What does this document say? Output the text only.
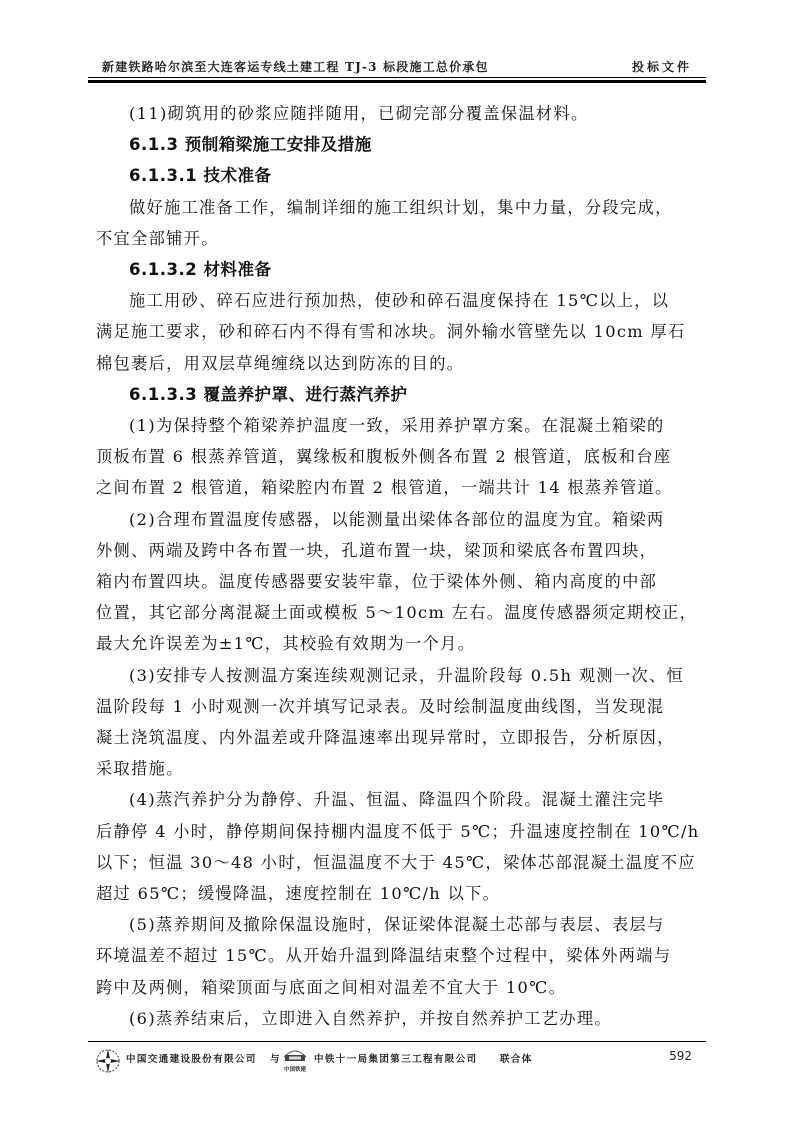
新建铁路哈尔滨至大连客运专线土建工程 TJ-3 标段施工总价承包	投标文件

(11)砌筑用的砂浆应随拌随用，已砌完部分覆盖保温材料。

6.1.3 预制箱梁施工安排及措施

6.1.3.1 技术准备

做好施工准备工作，编制详细的施工组织计划，集中力量，分段完成，
不宜全部铺开。

6.1.3.2 材料准备

施工用砂、碎石应进行预加热，使砂和碎石温度保持在 15℃以上，以
满足施工要求，砂和碎石内不得有雪和冰块。洞外输水管壁先以 10cm 厚石
棉包裹后，用双层草绳缠绕以达到防冻的目的。

6.1.3.3 覆盖养护罩、进行蒸汽养护

(1)为保持整个箱梁养护温度一致，采用养护罩方案。在混凝土箱梁的
顶板布置 6 根蒸养管道，翼缘板和腹板外侧各布置 2 根管道，底板和台座
之间布置 2 根管道，箱梁腔内布置 2 根管道，一端共计 14 根蒸养管道。
(2)合理布置温度传感器，以能测量出梁体各部位的温度为宜。箱梁两
外侧、两端及跨中各布置一块，孔道布置一块，梁顶和梁底各布置四块，
箱内布置四块。温度传感器要安装牢靠，位于梁体外侧、箱内高度的中部
位置，其它部分离混凝土面或模板 5～10cm 左右。温度传感器须定期校正，
最大允许误差为±1℃，其校验有效期为一个月。
(3)安排专人按测温方案连续观测记录，升温阶段每 0.5h 观测一次、恒
温阶段每 1 小时观测一次并填写记录表。及时绘制温度曲线图，当发现混
凝土浇筑温度、内外温差或升降温速率出现异常时，立即报告，分析原因，
采取措施。
(4)蒸汽养护分为静停、升温、恒温、降温四个阶段。混凝土灌注完毕
后静停 4 小时，静停期间保持棚内温度不低于 5℃；升温速度控制在 10℃/h
以下；恒温 30～48 小时，恒温温度不大于 45℃，梁体芯部混凝土温度不应
超过 65℃；缓慢降温，速度控制在 10℃/h 以下。
(5)蒸养期间及撤除保温设施时，保证梁体混凝土芯部与表层、表层与
环境温差不超过 15℃。从开始升温到降温结束整个过程中，梁体外两端与
跨中及两侧，箱梁顶面与底面之间相对温差不宜大于 10℃。

(6)蒸养结束后，立即进入自然养护，并按自然养护工艺办理。

中国交通建设股份有限公司 与
中国铁建
中铁十一局集团第三工程有限公司 联合体	592
